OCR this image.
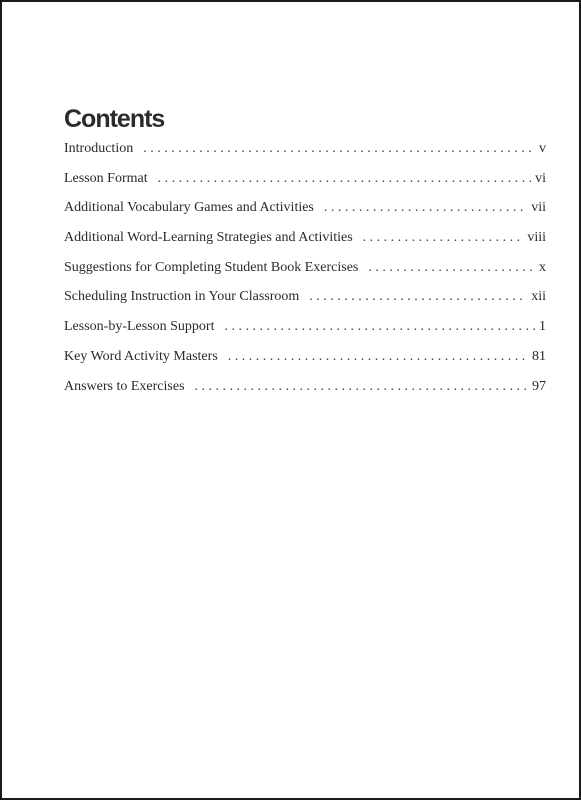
Contents
Introduction . . .	v
Lesson Format . . .	vi
Additional Vocabulary Games and Activities . . .	vii
Additional Word-Learning Strategies and Activities . . .	viii
Suggestions for Completing Student Book Exercises . . .	x
Scheduling Instruction in Your Classroom . . .	xii
Lesson-by-Lesson Support . . .	1
Key Word Activity Masters . . .	81
Answers to Exercises . . .	97
